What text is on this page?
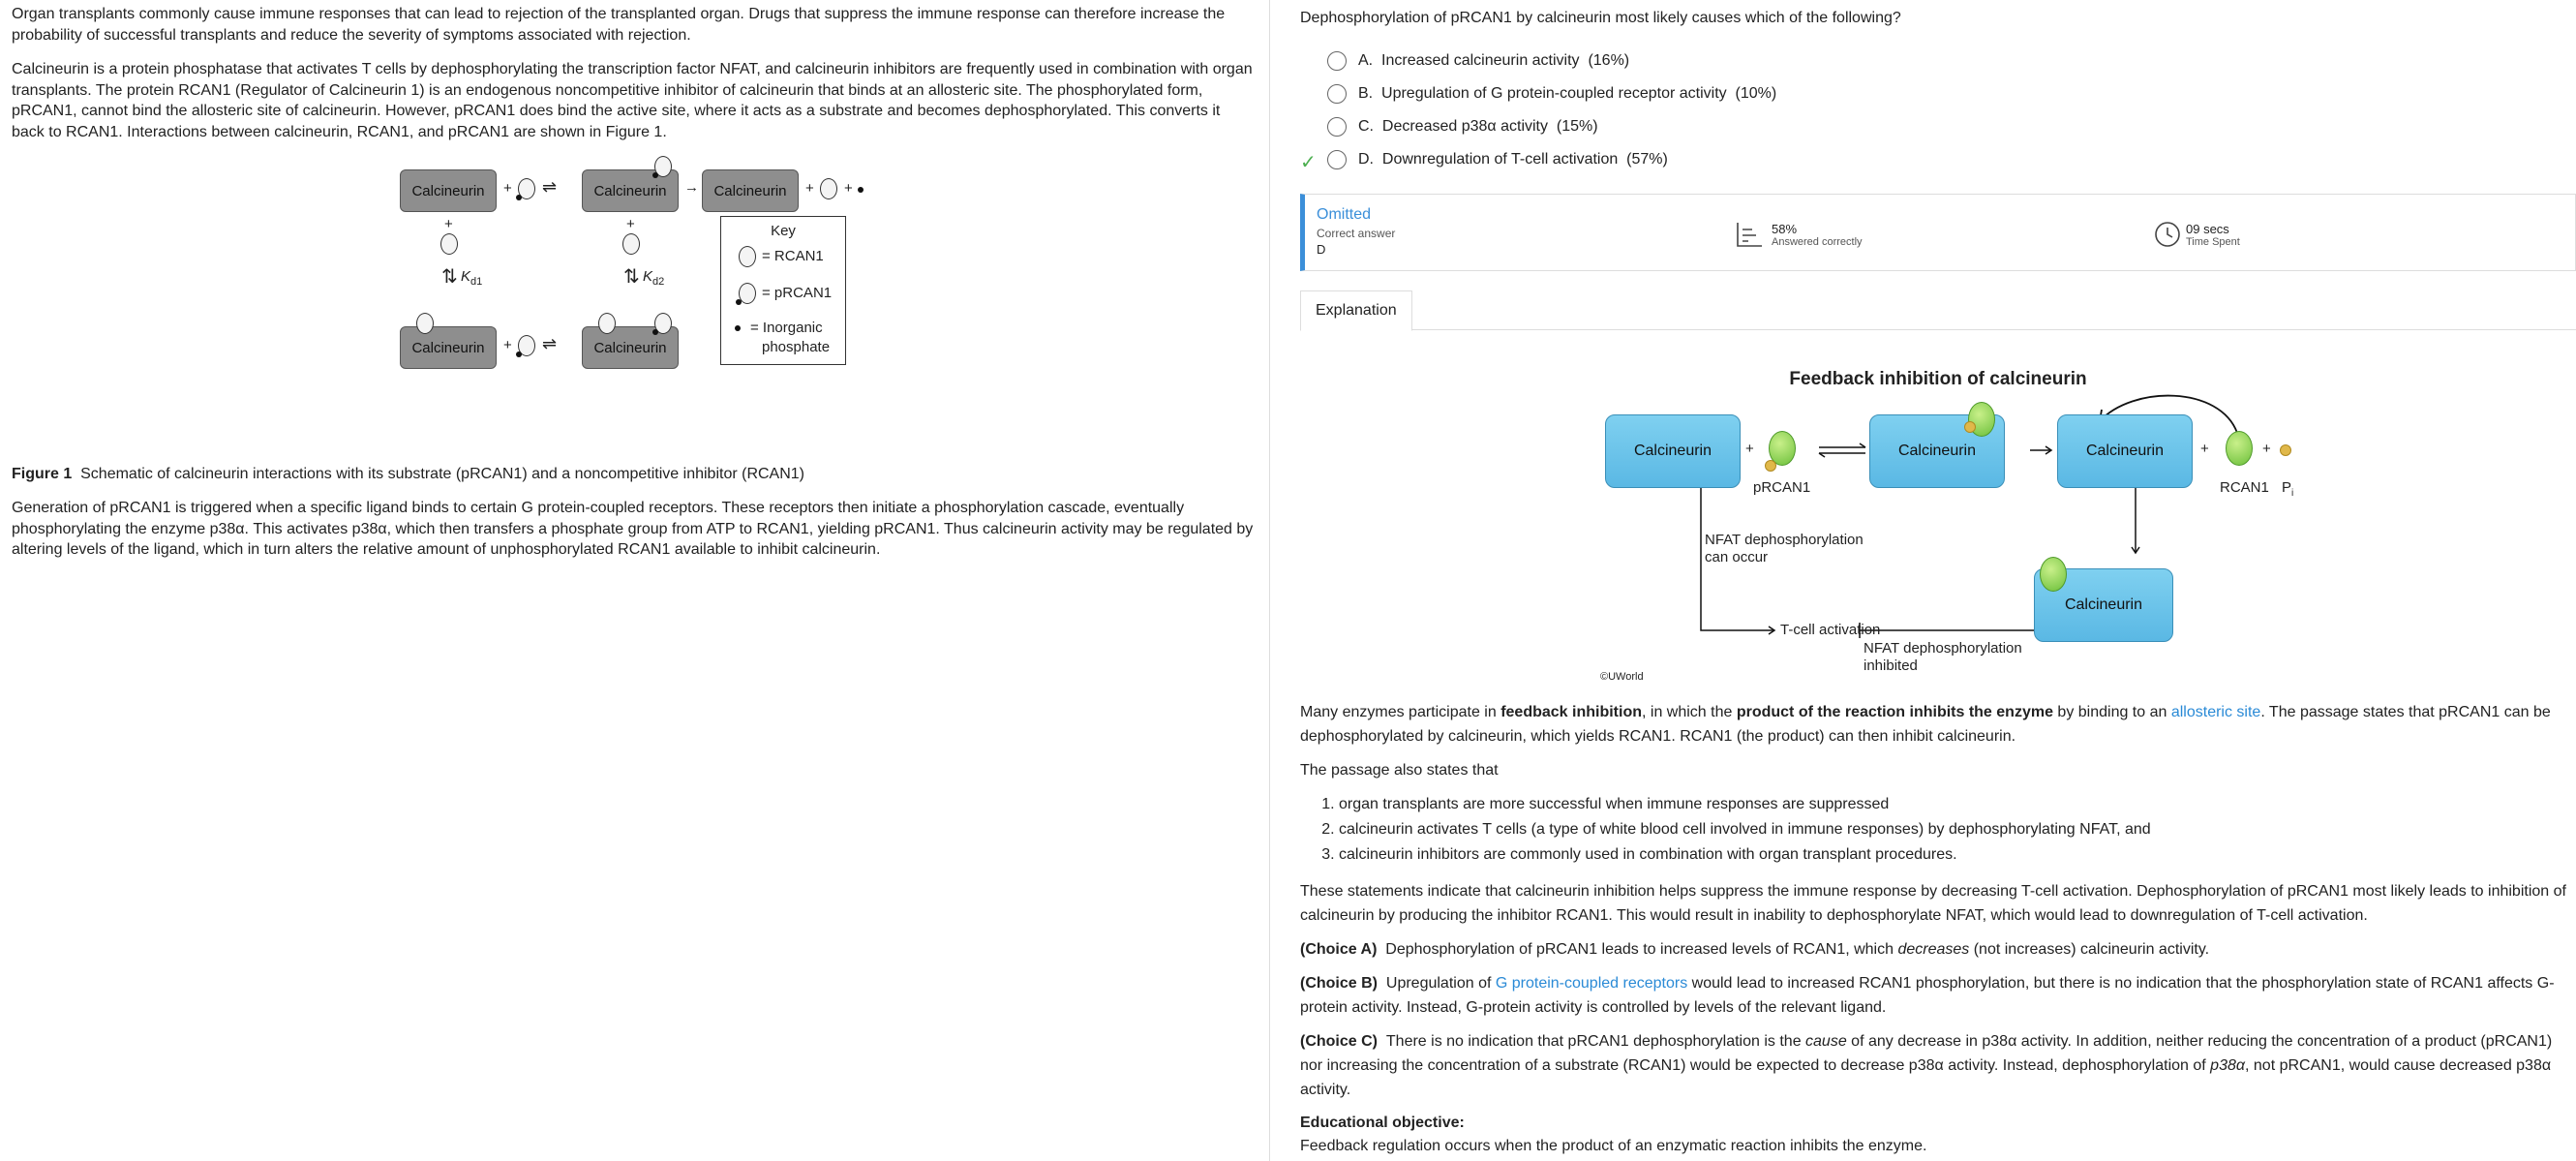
Organ transplants commonly cause immune responses that can lead to rejection of the transplanted organ. Drugs that suppress the immune response can therefore increase the probability of successful transplants and reduce the severity of symptoms associated with rejection.

Calcineurin is a protein phosphatase that activates T cells by dephosphorylating the transcription factor NFAT, and calcineurin inhibitors are frequently used in combination with organ transplants. The protein RCAN1 (Regulator of Calcineurin 1) is an endogenous noncompetitive inhibitor of calcineurin that binds at an allosteric site. The phosphorylated form, pRCAN1, cannot bind the allosteric site of calcineurin. However, pRCAN1 does bind the active site, where it acts as a substrate and becomes dephosphorylated. This converts it back to RCAN1. Interactions between calcineurin, RCAN1, and pRCAN1 are shown in Figure 1.

Calcineurin + ⇌	Calcineurin → Calcineurin + +
+
⇅ $K_{d1}$
+
⇅ $K_{d2}$
Calcineurin + ⇌	Calcineurin
Key
= RCAN1
= pRCAN1
= Inorganic
phosphate
Figure 1 Schematic of calcineurin interactions with its substrate (pRCAN1) and a noncompetitive inhibitor (RCAN1)

Generation of pRCAN1 is triggered when a specific ligand binds to certain G protein-coupled receptors. These receptors then initiate a phosphorylation cascade, eventually phosphorylating the enzyme p38α. This activates p38α, which then transfers a phosphate group from ATP to RCAN1, yielding pRCAN1. Thus calcineurin activity may be regulated by altering levels of the ligand, which in turn alters the relative amount of unphosphorylated RCAN1 available to inhibit calcineurin.

Dephosphorylation of pRCAN1 by calcineurin most likely causes which of the following?
A.
Increased calcineurin activity
(16%)
B.
Upregulation of G protein-coupled receptor activity
(10%)
C.
Decreased p38α activity
(15%)
✓	D.
Downregulation of T-cell activation
(57%)
Omitted
Correct answer
D
58%
Answered correctly
09 secs
Time Spent
Explanation
Feedback inhibition of calcineurin
Calcineurin +
pRCAN1
Calcineurin	Calcineurin	+
RCAN1
+
$P_i$
Calcineurin
NFAT dephosphorylation
can occur
T-cell activation
NFAT dephosphorylation
inhibited
©UWorld

Many enzymes participate in feedback inhibition, in which the product of the reaction inhibits the enzyme by binding to an allosteric site. The passage states that pRCAN1 can be dephosphorylated by calcineurin, which yields RCAN1. RCAN1 (the product) can then inhibit calcineurin.

The passage also states that

1. organ transplants are more successful when immune responses are suppressed
2. calcineurin activates T cells (a type of white blood cell involved in immune responses) by dephosphorylating NFAT, and
3. calcineurin inhibitors are commonly used in combination with organ transplant procedures.

These statements indicate that calcineurin inhibition helps suppress the immune response by decreasing T-cell activation. Dephosphorylation of pRCAN1 most likely leads to inhibition of calcineurin by producing the inhibitor RCAN1. This would result in inability to dephosphorylate NFAT, which would lead to downregulation of T-cell activation.

(Choice A) Dephosphorylation of pRCAN1 leads to increased levels of RCAN1, which decreases (not increases) calcineurin activity.

(Choice B) Upregulation of G protein-coupled receptors would lead to increased RCAN1 phosphorylation, but there is no indication that the phosphorylation state of RCAN1 affects G-protein activity. Instead, G-protein activity is controlled by levels of the relevant ligand.

(Choice C) There is no indication that pRCAN1 dephosphorylation is the cause of any decrease in p38α activity. In addition, neither reducing the concentration of a product (pRCAN1) nor increasing the concentration of a substrate (RCAN1) would be expected to decrease p38α activity. Instead, dephosphorylation of p38α, not pRCAN1, would cause decreased p38α activity.

Educational objective:
Feedback regulation occurs when the product of an enzymatic reaction inhibits the enzyme.
